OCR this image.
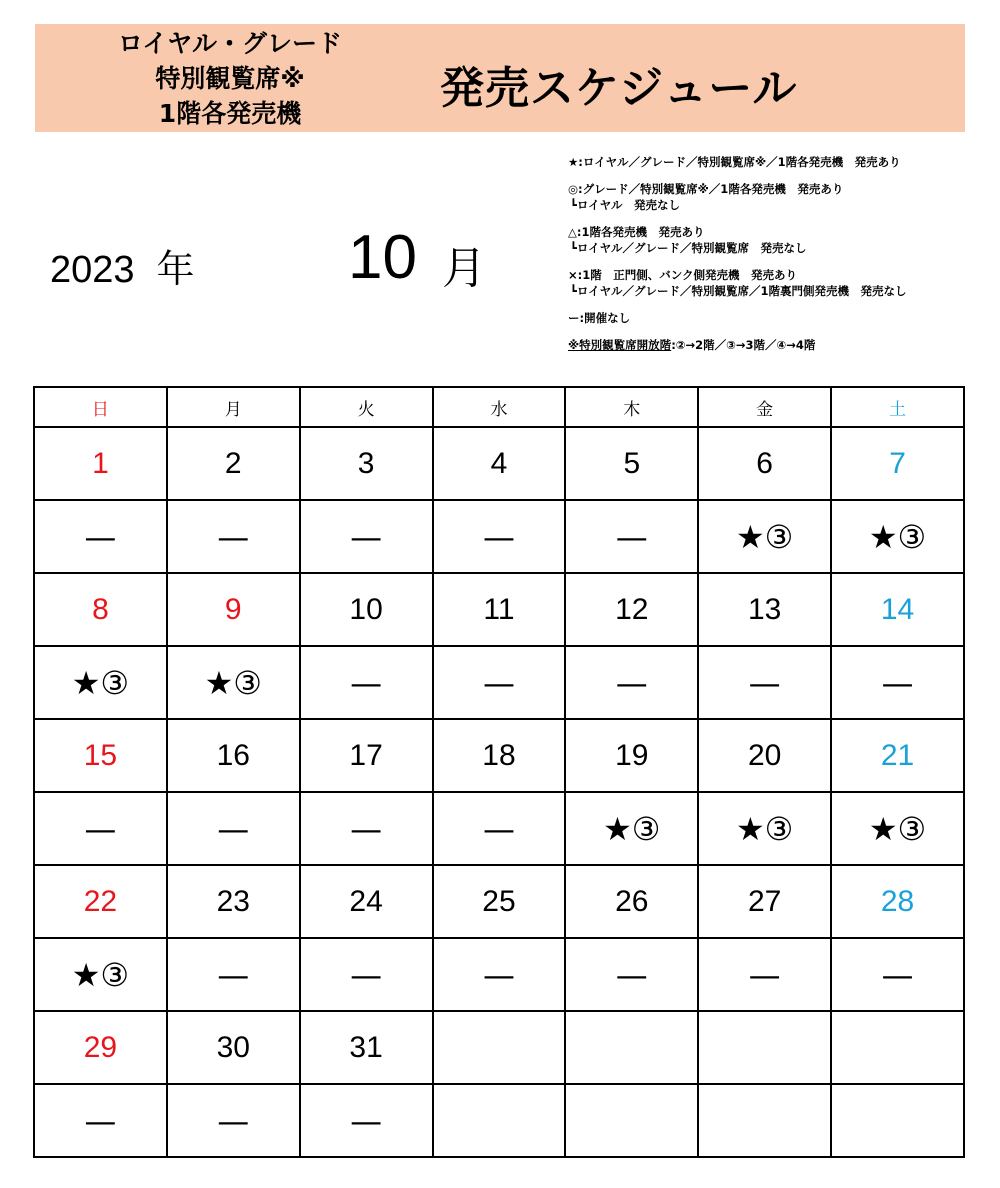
ロイヤル・グレード
特別観覧席※
1階各発売機	発売スケジュール
2023 年 10 月
★:ロイヤル／グレード／特別観覧席※／1階各発売機　発売あり
◎:グレード／特別観覧席※／1階各発売機　発売あり
┗ロイヤル　発売なし
△:1階各発売機　発売あり
┗ロイヤル／グレード／特別観覧席　発売なし
×:1階　正門側、バンク側発売機　発売あり
┗ロイヤル／グレード／特別観覧席／1階裏門側発売機　発売なし
ー:開催なし
※特別観覧席開放階:②→2階／③→3階／④→4階
日	月	火	水	木	金	土
1	2	3	4	5	6	7
—	—	—	—	—	★③	★③
8	9	10	11	12	13	14
★③	★③	—	—	—	—	—
15	16	17	18	19	20	21
—	—	—	—	★③	★③	★③
22	23	24	25	26	27	28
★③	—	—	—	—	—	—
29	30	31				
—	—	—				
